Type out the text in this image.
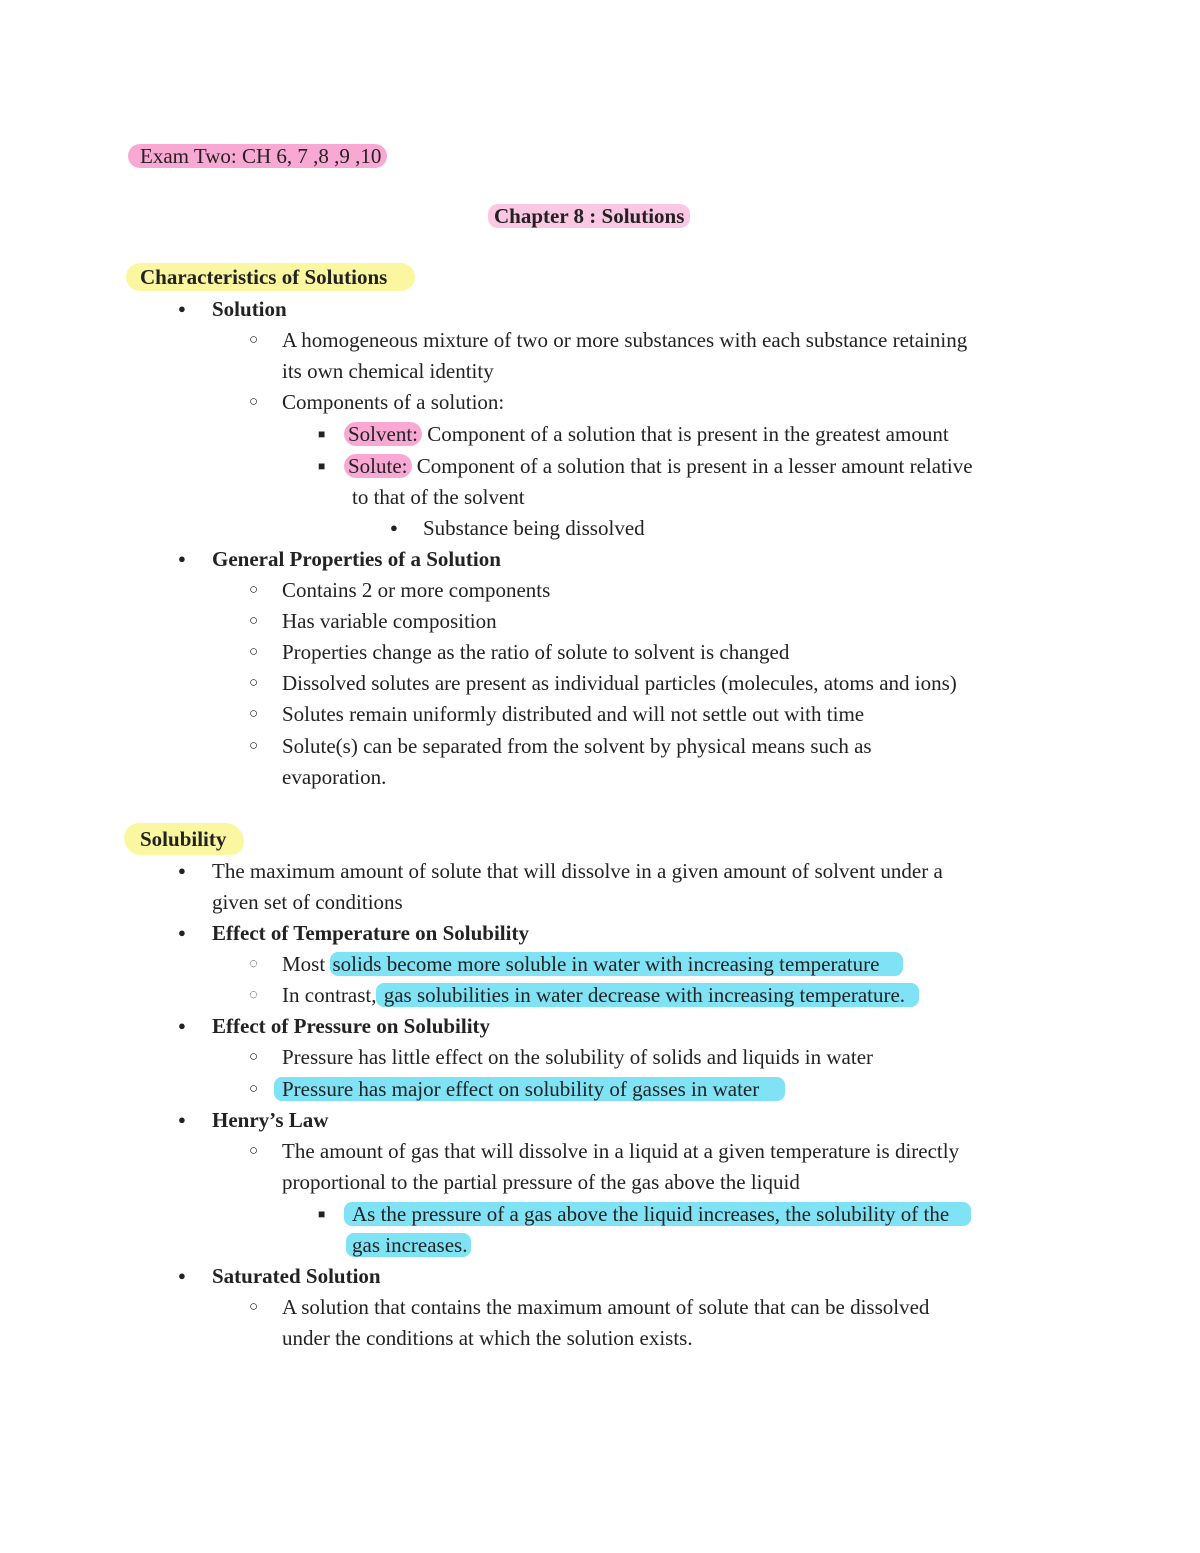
Exam Two: CH 6, 7 ,8 ,9 ,10
Chapter 8 : Solutions
Characteristics of Solutions
● Solution
○ A homogeneous mixture of two or more substances with each substance retaining
its own chemical identity
○ Components of a solution:
■ Solvent: Component of a solution that is present in the greatest amount
■ Solute: Component of a solution that is present in a lesser amount relative
to that of the solvent
● Substance being dissolved
● General Properties of a Solution
○ Contains 2 or more components
○ Has variable composition
○ Properties change as the ratio of solute to solvent is changed
○ Dissolved solutes are present as individual particles (molecules, atoms and ions)
○ Solutes remain uniformly distributed and will not settle out with time
○ Solute(s) can be separated from the solvent by physical means such as
evaporation.
Solubility
● The maximum amount of solute that will dissolve in a given amount of solvent under a
given set of conditions
● Effect of Temperature on Solubility
◌ Most solids become more soluble in water with increasing temperature
◌ In contrast, gas solubilities in water decrease with increasing temperature.
● Effect of Pressure on Solubility
○ Pressure has little effect on the solubility of solids and liquids in water
○	Pressure has major effect on solubility of gasses in water
● Henry’s Law
○ The amount of gas that will dissolve in a liquid at a given temperature is directly
proportional to the partial pressure of the gas above the liquid
■	As the pressure of a gas above the liquid increases, the solubility of the
gas increases.
● Saturated Solution
○ A solution that contains the maximum amount of solute that can be dissolved
under the conditions at which the solution exists.
